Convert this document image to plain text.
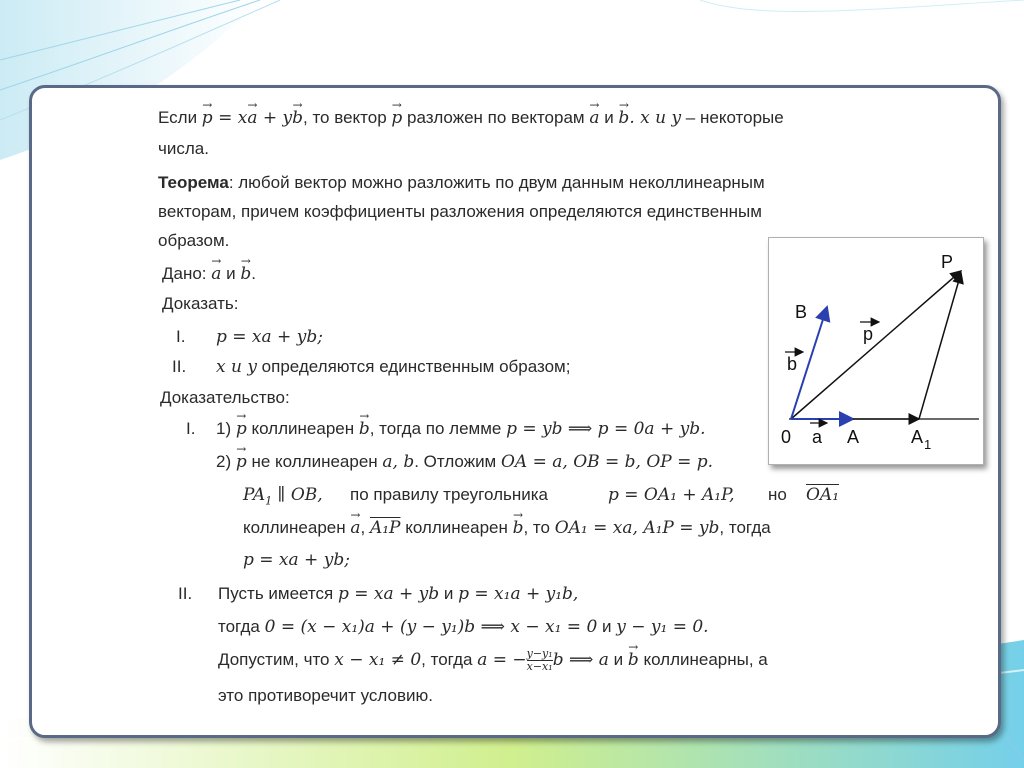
Если p → = xa → + yb →, то вектор p → разложен по векторам a → и b →. x и y – некоторые
числа.
Теорема: любой вектор можно разложить по двум данным неколлинеарным
векторам, причем коэффициенты разложения определяются единственным
образом.
Дано: a → и b →.
Доказать:
I. p = xa + yb;
II. x и y определяются единственным образом;
Доказательство:
I. 1) p → коллинеарен b →, тогда по лемме p = yb ⟹ p = 0a + yb.
2) p → не коллинеарен a, b. Отложим OA = a, OB = b, OP = p.
$PA_1$ ∥ OB, по правилу треугольника	p = OA₁ + A₁P, но OA₁
коллинеарен a →, A₁P коллинеарен b →, то OA₁ = xa, A₁P = yb, тогда
p = xa + yb;
II. Пусть имеется p = xa + yb и p = x₁a + y₁b,
тогда 0 = (x − x₁)a + (y − y₁)b ⟹ x − x₁ = 0 и y − y₁ = 0.
Допустим, что x − x₁ ≠ 0, тогда a = − $\frac{\text{y−y₁}}{\text{x−x₁}}$ b ⟹ a и b → коллинеарны, а
это противоречит условию.
P
B
p
b
0 a A	A 1
